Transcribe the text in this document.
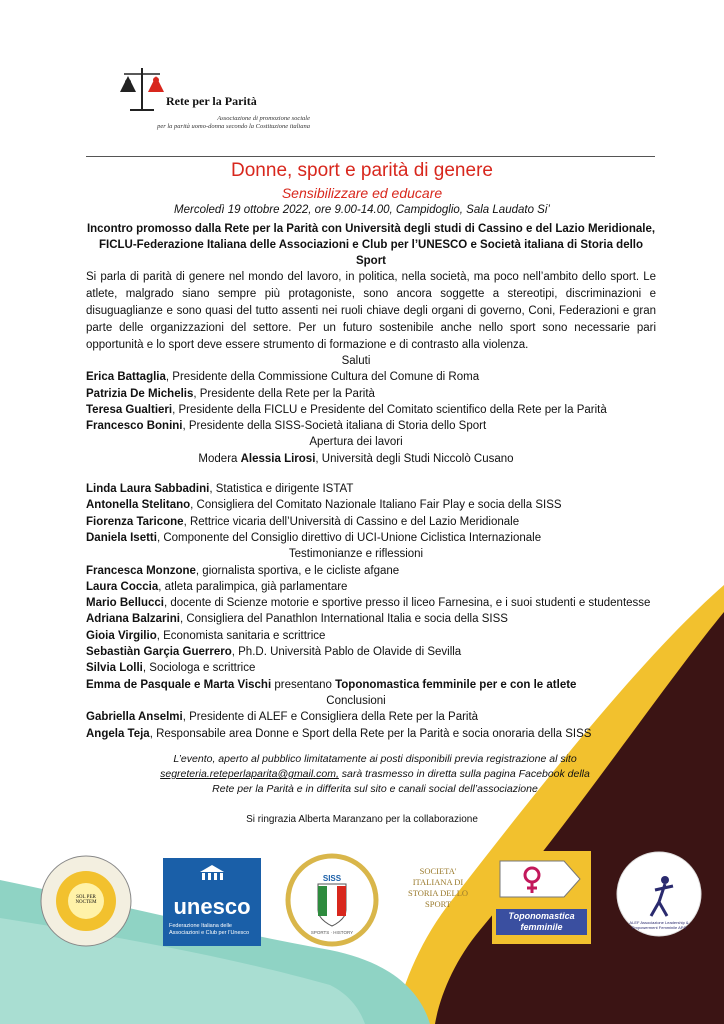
Rete per la Parità
Associazione di promozione sociale
per la parità uomo-donna secondo la Costituzione italiana
Donne, sport e parità di genere
Sensibilizzare ed educare
Mercoledì 19 ottobre 2022, ore 9.00-14.00, Campidoglio, Sala Laudato Si’
Incontro promosso dalla Rete per la Parità con Università degli studi di Cassino e del Lazio Meridionale, FICLU-Federazione Italiana delle Associazioni e Club per l’UNESCO e Società italiana di Storia dello Sport
Si parla di parità di genere nel mondo del lavoro, in politica, nella società, ma poco nell’ambito dello sport. Le atlete, malgrado siano sempre più protagoniste, sono ancora soggette a stereotipi, discriminazioni e disuguaglianze e sono quasi del tutto assenti nei ruoli chiave degli organi di governo, Coni, Federazioni e gran parte delle organizzazioni del settore. Per un futuro sostenibile anche nello sport sono necessarie pari opportunità e lo sport deve essere strumento di formazione e di contrasto alla violenza.
Saluti
Erica Battaglia, Presidente della Commissione Cultura del Comune di Roma
Patrizia De Michelis, Presidente della Rete per la Parità
Teresa Gualtieri, Presidente della FICLU e Presidente del Comitato scientifico della Rete per la Parità
Francesco Bonini, Presidente della SISS-Società italiana di Storia dello Sport
Apertura dei lavori
Modera Alessia Lirosi, Università degli Studi Niccolò Cusano
Linda Laura Sabbadini, Statistica e dirigente ISTAT
Antonella Stelitano, Consigliera del Comitato Nazionale Italiano Fair Play e socia della SISS
Fiorenza Taricone, Rettrice vicaria dell’Università di Cassino e del Lazio Meridionale
Daniela Isetti, Componente del Consiglio direttivo di UCI-Unione Ciclistica Internazionale
Testimonianze e riflessioni
Francesca Monzone, giornalista sportiva, e le cicliste afgane
Laura Coccia, atleta paralimpica, già parlamentare
Mario Bellucci, docente di Scienze motorie e sportive presso il liceo Farnesina, e i suoi studenti e studentesse
Adriana Balzarini, Consigliera del Panathlon International Italia e socia della SISS
Gioia Virgilio, Economista sanitaria e scrittrice
Sebastiàn Garçia Guerrero, Ph.D. Università Pablo de Olavide di Sevilla
Silvia Lolli, Sociologa e scrittrice
Emma de Pasquale e Marta Vischi presentano Toponomastica femminile per e con le atlete
Conclusioni
Gabriella Anselmi, Presidente di ALEF e Consigliera della Rete per la Parità
Angela Teja, Responsabile area Donne e Sport della Rete per la Parità e socia onoraria della SISS
L’evento, aperto al pubblico limitatamente ai posti disponibili previa registrazione al sito segreteria.reteperlaparita@gmail.com, sarà trasmesso in diretta sulla pagina Facebook della Rete per la Parità e in differita sul sito e canali social dell’associazione
Si ringrazia Alberta Maranzano per la collaborazione
SOL PER NOCTEM	unesco
Federazione Italiana delle Associazioni e Club per l’Unesco
SISS
SPORTS · HISTORY
SOCIETA' ITALIANA DI STORIA DELLO SPORT
Toponomastica femminile	ALEF Associazione Leadership & Empowerment Femminile APS
